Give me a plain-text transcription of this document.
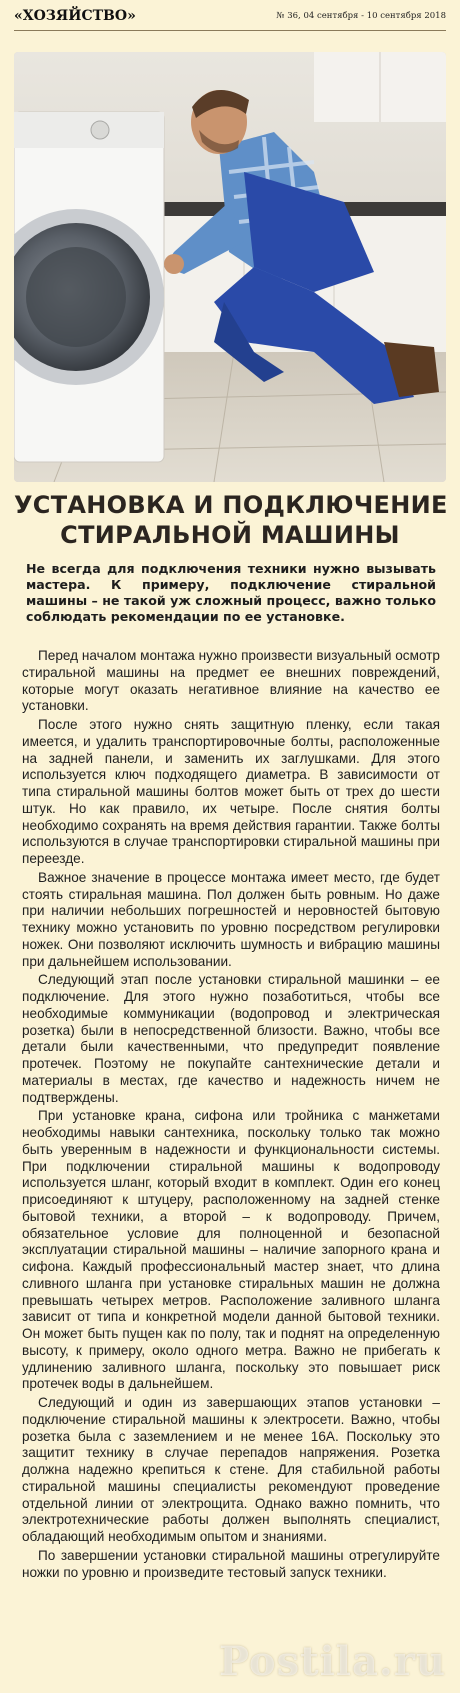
«ХОЗЯЙСТВО»	№ 36, 04 сентября - 10 сентября 2018
УСТАНОВКА И ПОДКЛЮЧЕНИЕ
СТИРАЛЬНОЙ МАШИНЫ
Не всегда для подключения техники нужно вызывать мастера. К примеру, подключение стиральной машины – не такой уж сложный процесс, важно только соблюдать рекомендации по ее установке.

Перед началом монтажа нужно произвести визуальный осмотр стиральной машины на предмет ее внешних повреждений, которые могут оказать негативное влияние на качество ее установки.

После этого нужно снять защитную пленку, если такая имеется, и удалить транспортировочные болты, расположенные на задней панели, и заменить их заглушками. Для этого используется ключ подходящего диаметра. В зависимости от типа стиральной машины болтов может быть от трех до шести штук. Но как правило, их четыре. После снятия болты необходимо сохранять на время действия гарантии. Также болты используются в случае транспортировки стиральной машины при переезде.

Важное значение в процессе монтажа имеет место, где будет стоять стиральная машина. Пол должен быть ровным. Но даже при наличии небольших погрешностей и неровностей бытовую технику можно установить по уровню посредством регулировки ножек. Они позволяют исключить шумность и вибрацию машины при дальнейшем использовании.

Следующий этап после установки стиральной машинки – ее подключение. Для этого нужно позаботиться, чтобы все необходимые коммуникации (водопровод и электрическая розетка) были в непосредственной близости. Важно, чтобы все детали были качественными, что предупредит появление протечек. Поэтому не покупайте сантехнические детали и материалы в местах, где качество и надежность ничем не подтверждены.

При установке крана, сифона или тройника с манжетами необходимы навыки сантехника, поскольку только так можно быть уверенным в надежности и функциональности системы. При подключении стиральной машины к водопроводу используется шланг, который входит в комплект. Один его конец присоединяют к штуцеру, расположенному на задней стенке бытовой техники, а второй – к водопроводу. Причем, обязательное условие для полноценной и безопасной эксплуатации стиральной машины – наличие запорного крана и сифона. Каждый профессиональный мастер знает, что длина сливного шланга при установке стиральных машин не должна превышать четырех метров. Расположение заливного шланга зависит от типа и конкретной модели данной бытовой техники. Он может быть пущен как по полу, так и поднят на определенную высоту, к примеру, около одного метра. Важно не прибегать к удлинению заливного шланга, поскольку это повышает риск протечек воды в дальнейшем.

Следующий и один из завершающих этапов установки – подключение стиральной машины к электросети. Важно, чтобы розетка была с заземлением и не менее 16А. Поскольку это защитит технику в случае перепадов напряжения. Розетка должна надежно крепиться к стене. Для стабильной работы стиральной машины специалисты рекомендуют проведение отдельной линии от электрощита. Однако важно помнить, что электротехнические работы должен выполнять специалист, обладающий необходимым опытом и знаниями.

По завершении установки стиральной машины отрегулируйте ножки по уровню и произведите тестовый запуск техники.

Postila.ru
